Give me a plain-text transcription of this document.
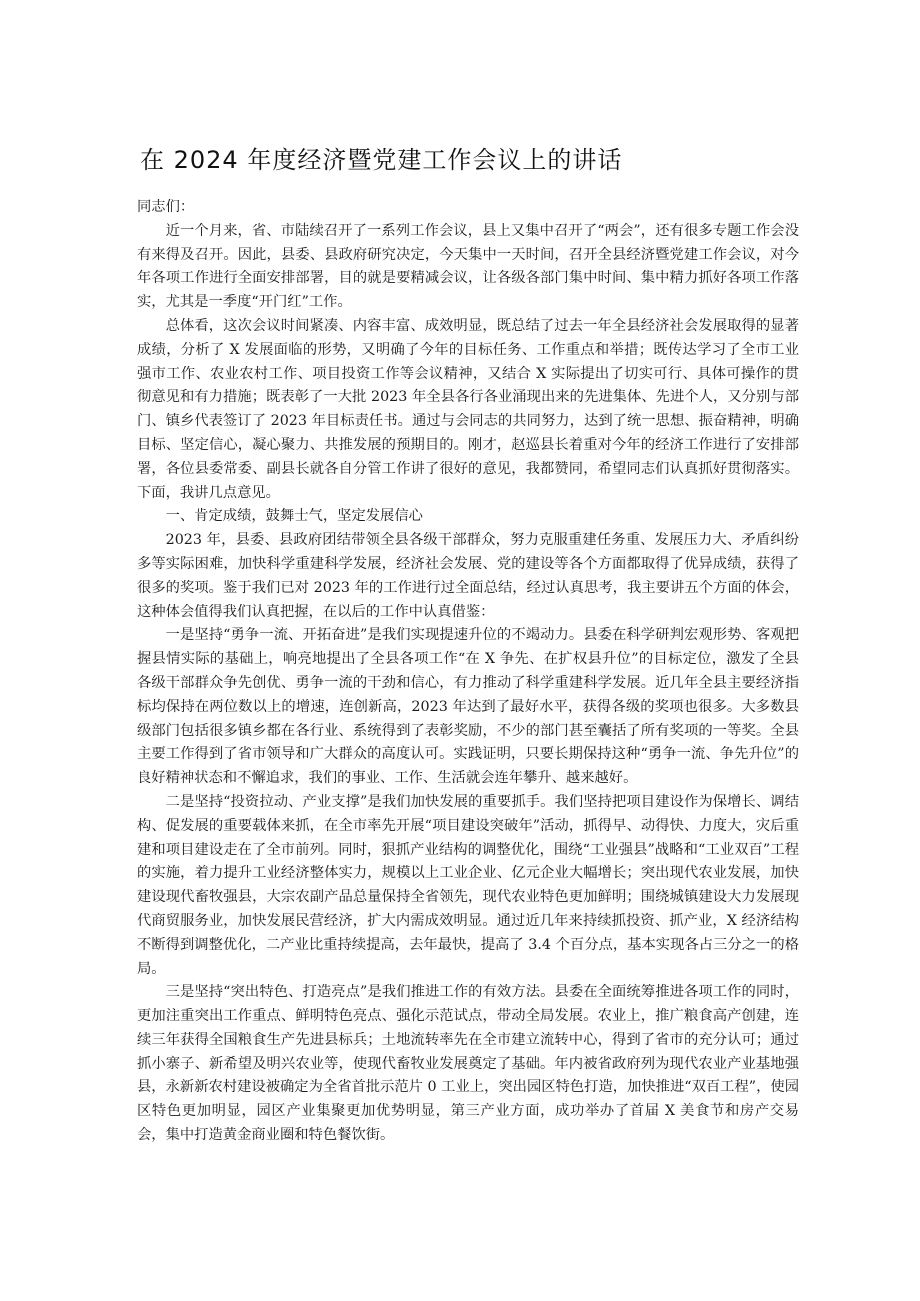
在 2024 年度经济暨党建工作会议上的讲话

同志们：

近一个月来，省、市陆续召开了一系列工作会议，县上又集中召开了“两会”，还有很多专题工作会没有来得及召开。因此，县委、县政府研究决定，今天集中一天时间，召开全县经济暨党建工作会议，对今年各项工作进行全面安排部署，目的就是要精减会议，让各级各部门集中时间、集中精力抓好各项工作落实，尤其是一季度“开门红”工作。

总体看，这次会议时间紧凑、内容丰富、成效明显，既总结了过去一年全县经济社会发展取得的显著成绩，分析了 X 发展面临的形势，又明确了今年的目标任务、工作重点和举措；既传达学习了全市工业强市工作、农业农村工作、项目投资工作等会议精神，又结合 X 实际提出了切实可行、具体可操作的贯彻意见和有力措施；既表彰了一大批 2023 年全县各行各业涌现出来的先进集体、先进个人，又分别与部门、镇乡代表签订了 2023 年目标责任书。通过与会同志的共同努力，达到了统一思想、振奋精神，明确目标、坚定信心，凝心聚力、共推发展的预期目的。刚才，赵巡县长着重对今年的经济工作进行了安排部署，各位县委常委、副县长就各自分管工作讲了很好的意见，我都赞同，希望同志们认真抓好贯彻落实。下面，我讲几点意见。

一、肯定成绩，鼓舞士气，坚定发展信心

2023 年，县委、县政府团结带领全县各级干部群众，努力克服重建任务重、发展压力大、矛盾纠纷多等实际困难，加快科学重建科学发展，经济社会发展、党的建设等各个方面都取得了优异成绩，获得了很多的奖项。鉴于我们已对 2023 年的工作进行过全面总结，经过认真思考，我主要讲五个方面的体会，这种体会值得我们认真把握，在以后的工作中认真借鉴：

一是坚持“勇争一流、开拓奋进”是我们实现提速升位的不竭动力。县委在科学研判宏观形势、客观把握县情实际的基础上，响亮地提出了全县各项工作“在 X 争先、在扩权县升位”的目标定位，激发了全县各级干部群众争先创优、勇争一流的干劲和信心，有力推动了科学重建科学发展。近几年全县主要经济指标均保持在两位数以上的增速，连创新高，2023 年达到了最好水平，获得各级的奖项也很多。大多数县级部门包括很多镇乡都在各行业、系统得到了表彰奖励，不少的部门甚至囊括了所有奖项的一等奖。全县主要工作得到了省市领导和广大群众的高度认可。实践证明，只要长期保持这种“勇争一流、争先升位”的良好精神状态和不懈追求，我们的事业、工作、生活就会连年攀升、越来越好。

二是坚持“投资拉动、产业支撑”是我们加快发展的重要抓手。我们坚持把项目建设作为保增长、调结构、促发展的重要载体来抓，在全市率先开展“项目建设突破年”活动，抓得早、动得快、力度大，灾后重建和项目建设走在了全市前列。同时，狠抓产业结构的调整优化，围绕“工业强县”战略和“工业双百”工程的实施，着力提升工业经济整体实力，规模以上工业企业、亿元企业大幅增长；突出现代农业发展，加快建设现代畜牧强县，大宗农副产品总量保持全省领先，现代农业特色更加鲜明；围绕城镇建设大力发展现代商贸服务业，加快发展民营经济，扩大内需成效明显。通过近几年来持续抓投资、抓产业，X 经济结构不断得到调整优化，二产业比重持续提高，去年最快，提高了 3.4 个百分点，基本实现各占三分之一的格局。

三是坚持“突出特色、打造亮点”是我们推进工作的有效方法。县委在全面统筹推进各项工作的同时，更加注重突出工作重点、鲜明特色亮点、强化示范试点，带动全局发展。农业上，推广粮食高产创建，连续三年获得全国粮食生产先进县标兵；土地流转率先在全市建立流转中心，得到了省市的充分认可；通过抓小寨子、新希望及明兴农业等，使现代畜牧业发展奠定了基础。年内被省政府列为现代农业产业基地强县，永新新农村建设被确定为全省首批示范片 0 工业上，突出园区特色打造，加快推进“双百工程”，使园区特色更加明显，园区产业集聚更加优势明显，第三产业方面，成功举办了首届 X 美食节和房产交易会，集中打造黄金商业圈和特色餐饮街。
